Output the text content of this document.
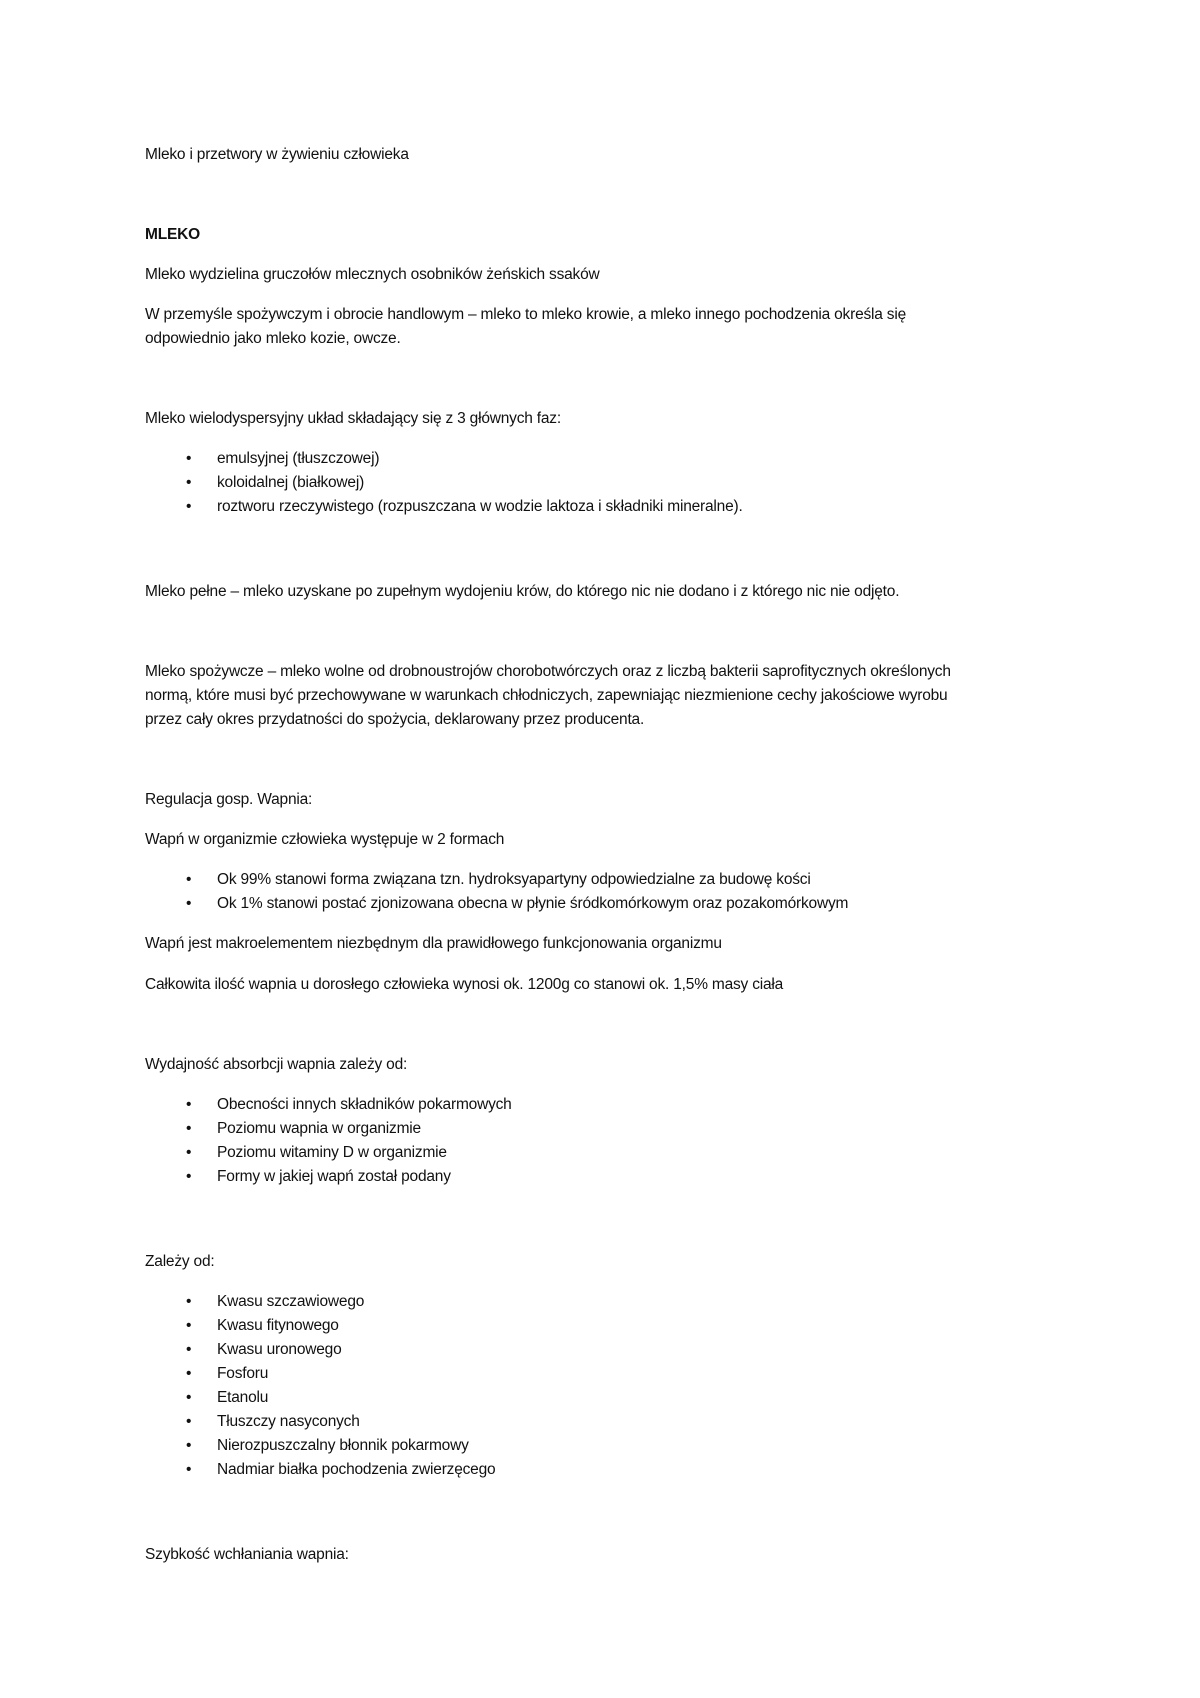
Mleko i przetwory w żywieniu człowieka
MLEKO
Mleko wydzielina gruczołów mlecznych osobników żeńskich ssaków
W przemyśle spożywczym i obrocie handlowym – mleko to mleko krowie, a mleko innego pochodzenia określa się
odpowiednio jako mleko kozie, owcze.
Mleko wielodyspersyjny układ składający się z 3 głównych faz:
• emulsyjnej (tłuszczowej)
• koloidalnej (białkowej)
• roztworu rzeczywistego (rozpuszczana w wodzie laktoza i składniki mineralne).
Mleko pełne – mleko uzyskane po zupełnym wydojeniu krów, do którego nic nie dodano i z którego nic nie odjęto.
Mleko spożywcze – mleko wolne od drobnoustrojów chorobotwórczych oraz z liczbą bakterii saprofitycznych określonych
normą, które musi być przechowywane w warunkach chłodniczych, zapewniając niezmienione cechy jakościowe wyrobu
przez cały okres przydatności do spożycia, deklarowany przez producenta.
Regulacja gosp. Wapnia:
Wapń w organizmie człowieka występuje w 2 formach
• Ok 99% stanowi forma związana tzn. hydroksyapartyny odpowiedzialne za budowę kości
• Ok 1% stanowi postać zjonizowana obecna w płynie śródkomórkowym oraz pozakomórkowym
Wapń jest makroelementem niezbędnym dla prawidłowego funkcjonowania organizmu
Całkowita ilość wapnia u dorosłego człowieka wynosi ok. 1200g co stanowi ok. 1,5% masy ciała
Wydajność absorbcji wapnia zależy od:
• Obecności innych składników pokarmowych
• Poziomu wapnia w organizmie
• Poziomu witaminy D w organizmie
• Formy w jakiej wapń został podany
Zależy od:
• Kwasu szczawiowego
• Kwasu fitynowego
• Kwasu uronowego
• Fosforu
• Etanolu
• Tłuszczy nasyconych
• Nierozpuszczalny błonnik pokarmowy
• Nadmiar białka pochodzenia zwierzęcego
Szybkość wchłaniania wapnia:
